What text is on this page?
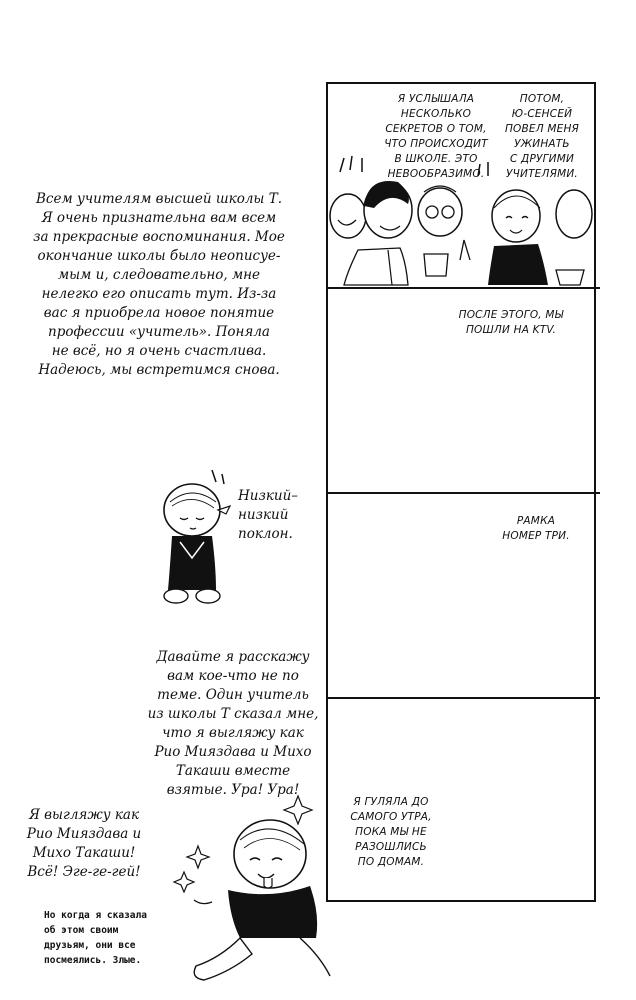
Всем учителям высшей школы Т.
Я очень признательна вам всем
за прекрасные воспоминания. Мое
окончание школы было неописуе-
мым и, следовательно, мне
нелегко его описать тут. Из-за
вас я приобрела новое понятие
профессии «учитель». Поняла
не всё, но я очень счастлива.
Надеюсь, мы встретимся снова.
Низкий–
низкий
поклон.
Давайте я расскажу
вам кое-что не по
теме. Один учитель
из школы Т сказал мне,
что я выгляжу как
Рио Мияздава и Михо
Такаши вместе
взятые. Ура! Ура!
Я выгляжу как
Рио Мияздава и
Михо Такаши!
Всё! Эге-ге-гей!
Но когда я сказала
об этом своим
друзьям, они все
посмеялись. Злые.
Я УСЛЫШАЛА
НЕСКОЛЬКО
СЕКРЕТОВ О ТОМ,
ЧТО ПРОИСХОДИТ
В ШКОЛЕ. ЭТО
НЕВООБРАЗИМО.
ПОТОМ,
Ю-СЕНСЕЙ
ПОВЕЛ МЕНЯ
УЖИНАТЬ
С ДРУГИМИ
УЧИТЕЛЯМИ.
ПОСЛЕ ЭТОГО, МЫ
ПОШЛИ НА KTV.
РАМКА
НОМЕР ТРИ.
Я ГУЛЯЛА ДО
САМОГО УТРА,
ПОКА МЫ НЕ
РАЗОШЛИСЬ
ПО ДОМАМ.
